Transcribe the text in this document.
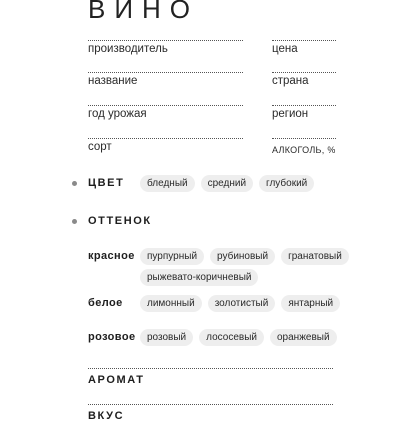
ВИНО
производитель	цена
название	страна
год урожая	регион
сорт	АЛКОГОЛЬ, %
ЦВЕТ	бледный	средний	глубокий
ОТТЕНОК
красное	пурпурный	рубиновый	гранатовый
рыжевато-коричневый
белое	лимонный	золотистый	янтарный
розовое	розовый	лососевый	оранжевый
АРОМАТ
ВКУС
